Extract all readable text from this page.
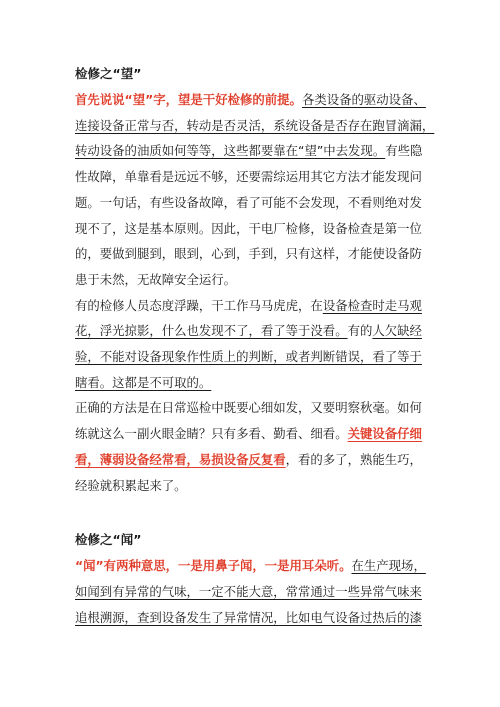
检修之“望”
首先说说“望”字，望是干好检修的前提。各类设备的驱动设备、
连接设备正常与否，转动是否灵活，系统设备是否存在跑冒滴漏，
转动设备的油质如何等等，这些都要靠在“望”中去发现。有些隐
性故障，单靠看是远远不够，还要需综运用其它方法才能发现问
题。一句话，有些设备故障，看了可能不会发现，不看则绝对发
现不了，这是基本原则。因此，干电厂检修，设备检查是第一位
的，要做到腿到，眼到，心到，手到，只有这样，才能使设备防
患于未然，无故障安全运行。
有的检修人员态度浮躁，干工作马马虎虎，在设备检查时走马观
花，浮光掠影，什么也发现不了，看了等于没看。有的人欠缺经
验，不能对设备现象作性质上的判断，或者判断错误，看了等于
瞎看。这都是不可取的。
正确的方法是在日常巡检中既要心细如发，又要明察秋毫。如何
练就这么一副火眼金睛？只有多看、勤看、细看。关键设备仔细
看，薄弱设备经常看，易损设备反复看，看的多了，熟能生巧，
经验就积累起来了。
检修之“闻”
“闻”有两种意思，一是用鼻子闻，一是用耳朵听。在生产现场，
如闻到有异常的气味，一定不能大意，常常通过一些异常气味来
追根溯源，查到设备发生了异常情况，比如电气设备过热后的漆
